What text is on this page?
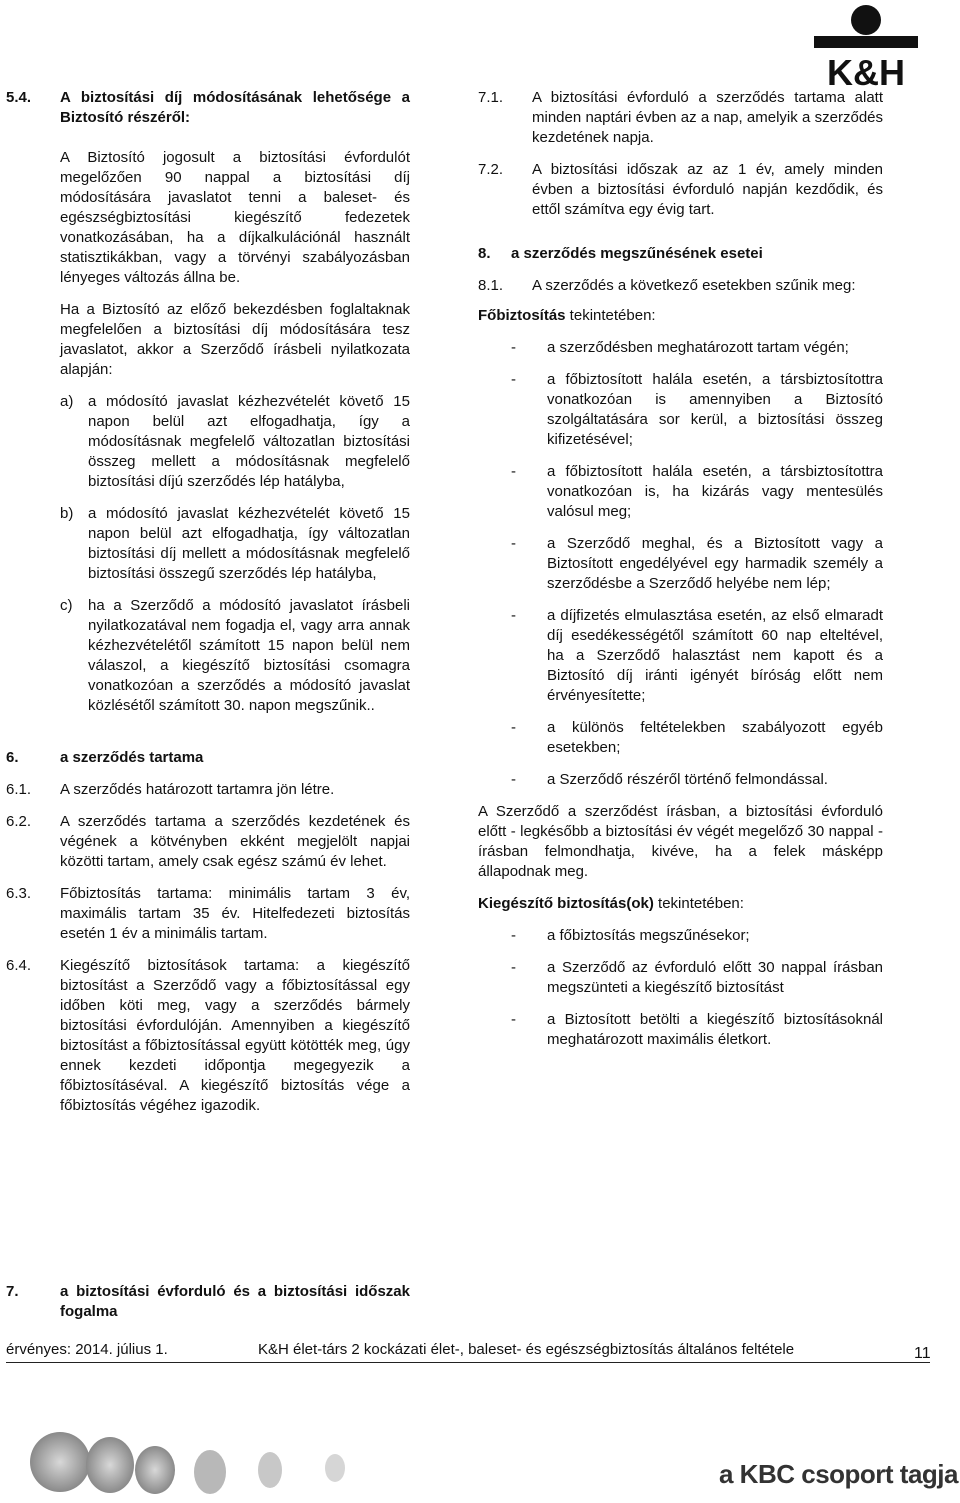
K&H
5.4. A biztosítási díj módosításának lehetősége a Biztosító részéről:

A Biztosító jogosult a biztosítási évfordulót megelőzően 90 nappal a biztosítási díj módosítására javaslatot tenni a baleset- és egészségbiztosítási kiegészítő fedezetek vonatkozásában, ha a díjkalkulációnál használt statisztikákban, vagy a törvényi szabályozásban lényeges változás állna be.

Ha a Biztosító az előző bekezdésben foglaltaknak megfelelően a biztosítási díj módosítására tesz javaslatot, akkor a Szerződő írásbeli nyilatkozata alapján:

a) a módosító javaslat kézhezvételét követő 15 napon belül azt elfogadhatja, így a módosításnak megfelelő változatlan biztosítási összeg mellett a módosításnak megfelelő biztosítási díjú szerződés lép hatályba,

b) a módosító javaslat kézhezvételét követő 15 napon belül azt elfogadhatja, így változatlan biztosítási díj mellett a módosításnak megfelelő biztosítási összegű szerződés lép hatályba,

c) ha a Szerződő a módosító javaslatot írásbeli nyilatkozatával nem fogadja el, vagy arra annak kézhezvételétől számított 15 napon belül nem válaszol, a kiegészítő biztosítási csomagra vonatkozóan a szerződés a módosító javaslat közlésétől számított 30. napon megszűnik..

6.	a szerződés tartama

6.1. A szerződés határozott tartamra jön létre.

6.2. A szerződés tartama a szerződés kezdetének és végének a kötvényben ekként megjelölt napjai közötti tartam, amely csak egész számú év lehet.

6.3. Főbiztosítás tartama: minimális tartam 3 év, maximális tartam 35 év. Hitelfedezeti biztosítás esetén 1 év a minimális tartam.

6.4. Kiegészítő biztosítások tartama: a kiegészítő biztosítást a Szerződő vagy a főbiztosítással egy időben köti meg, vagy a szerződés bármely biztosítási évfordulóján. Amennyiben a kiegészítő biztosítást a főbiztosítással együtt kötötték meg, úgy ennek kezdeti időpontja megegyezik a főbiztosításéval. A kiegészítő biztosítás vége a főbiztosítás végéhez igazodik.

7.	a biztosítási évforduló és a biztosítási időszak fogalma

7.1. A biztosítási évforduló a szerződés tartama alatt minden naptári évben az a nap, amelyik a szerződés kezdetének napja.

7.2. A biztosítási időszak az az 1 év, amely minden évben a biztosítási évforduló napján kezdődik, és ettől számítva egy évig tart.

8. a szerződés megszűnésének esetei

8.1. A szerződés a következő esetekben szűnik meg:

Főbiztosítás tekintetében:

- a szerződésben meghatározott tartam végén;

- a főbiztosított halála esetén, a társbiztosítottra vonatkozóan is amennyiben a Biztosító szolgáltatására sor kerül, a biztosítási összeg kifizetésével;

- a főbiztosított halála esetén, a társbiztosítottra vonatkozóan is, ha kizárás vagy mentesülés valósul meg;

- a Szerződő meghal, és a Biztosított vagy a Biztosított engedélyével egy harmadik személy a szerződésbe a Szerződő helyébe nem lép;

- a díjfizetés elmulasztása esetén, az első elmaradt díj esedékességétől számított 60 nap elteltével, ha a Szerződő halasztást nem kapott és a Biztosító díj iránti igényét bíróság előtt nem érvényesítette;

- a különös feltételekben szabályozott egyéb esetekben;

- a Szerződő részéről történő felmondással.

A Szerződő a szerződést írásban, a biztosítási évforduló előtt - legkésőbb a biztosítási év végét megelőző 30 nappal - írásban felmondhatja, kivéve, ha a felek másképp állapodnak meg.

Kiegészítő biztosítás(ok) tekintetében:

- a főbiztosítás megszűnésekor;

- a Szerződő az évforduló előtt 30 nappal írásban megszünteti a kiegészítő biztosítást

- a Biztosított betölti a kiegészítő biztosításoknál meghatározott maximális életkort.

érvényes: 2014. július 1.	K&H élet-társ 2 kockázati élet-, baleset- és egészségbiztosítás általános feltétele	11
a KBC csoport tagja
